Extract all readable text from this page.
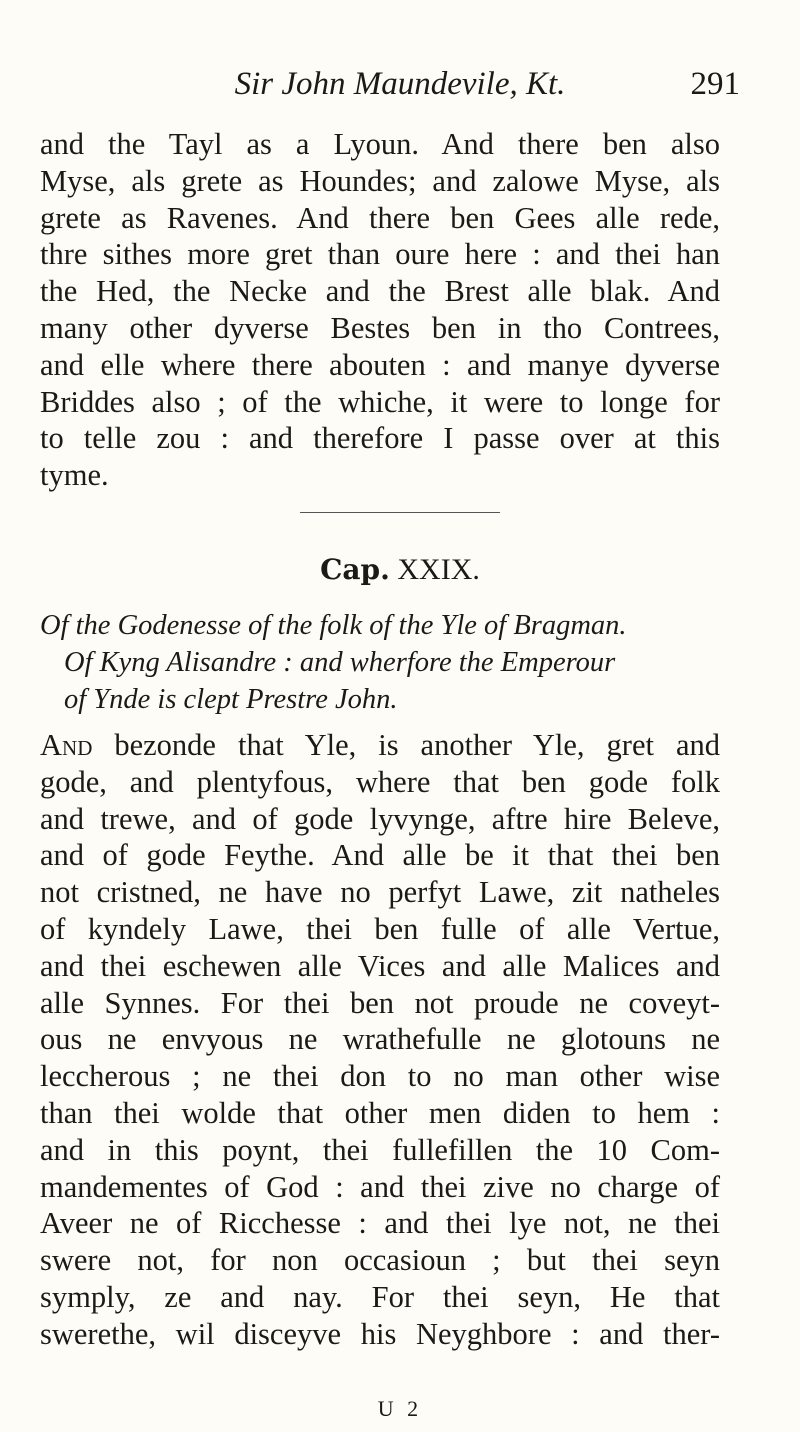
Sir John Maundevile, Kt.	291
and the Tayl as a Lyoun. And there ben also
Myse, als grete as Houndes; and zalowe Myse, als
grete as Ravenes. And there ben Gees alle rede,
thre sithes more gret than oure here : and thei han
the Hed, the Necke and the Brest alle blak. And
many other dyverse Bestes ben in tho Contrees,
and elle where there abouten : and manye dyverse
Briddes also ; of the whiche, it were to longe for
to telle zou : and therefore I passe over at this
tyme.
Cap. XXIX.
Of the Godenesse of the folk of the Yle of Bragman.
Of Kyng Alisandre : and wherfore the Emperour
of Ynde is clept Prestre John.
And bezonde that Yle, is another Yle, gret and
gode, and plentyfous, where that ben gode folk
and trewe, and of gode lyvynge, aftre hire Beleve,
and of gode Feythe. And alle be it that thei ben
not cristned, ne have no perfyt Lawe, zit natheles
of kyndely Lawe, thei ben fulle of alle Vertue,
and thei eschewen alle Vices and alle Malices and
alle Synnes. For thei ben not proude ne coveyt-
ous ne envyous ne wrathefulle ne glotouns ne
leccherous ; ne thei don to no man other wise
than thei wolde that other men diden to hem :
and in this poynt, thei fullefillen the 10 Com-
mandementes of God : and thei zive no charge of
Aveer ne of Ricchesse : and thei lye not, ne thei
swere not, for non occasioun ; but thei seyn
symply, ze and nay. For thei seyn, He that
swerethe, wil disceyve his Neyghbore : and ther-
U 2
